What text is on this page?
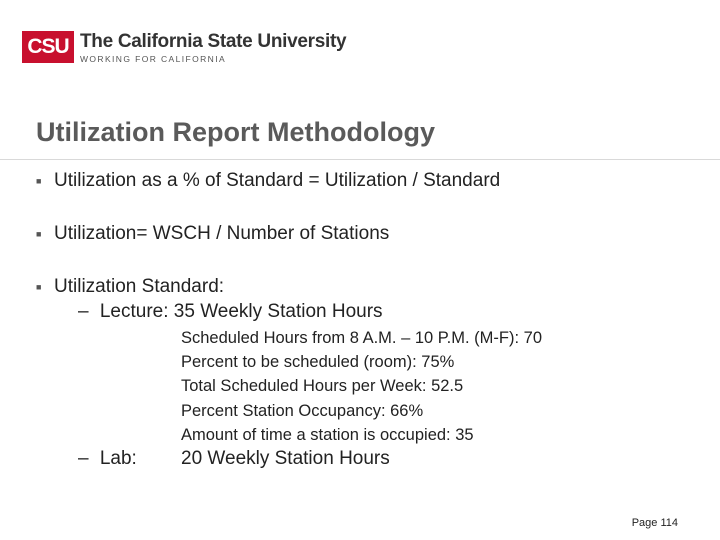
CSU The California State University
WORKING FOR CALIFORNIA
Utilization Report Methodology
■ Utilization as a % of Standard = Utilization / Standard
■ Utilization= WSCH / Number of Stations
■ Utilization Standard:
– Lecture: 35 Weekly Station Hours
Scheduled Hours from 8 A.M. – 10 P.M. (M-F): 70
Percent to be scheduled (room): 75%
Total Scheduled Hours per Week: 52.5
Percent Station Occupancy: 66%
Amount of time a station is occupied: 35
– Lab: 20 Weekly Station Hours
Page 114
